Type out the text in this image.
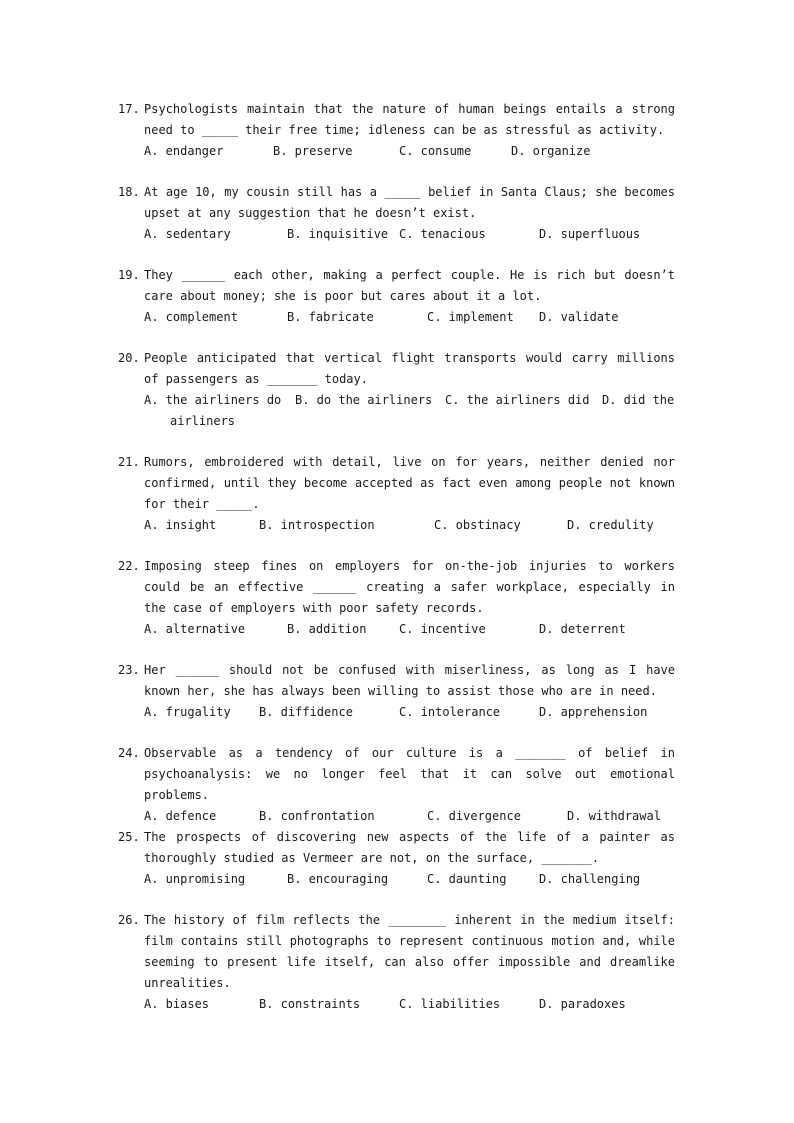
17. Psychologists maintain that the nature of human beings entails a strong need to _____ their free time; idleness can be as stressful as activity.
A. endanger	B. preserve	C. consume	D. organize
18. At age 10, my cousin still has a _____ belief in Santa Claus; she becomes upset at any suggestion that he doesn’t exist.
A. sedentary	B. inquisitive C. tenacious	D. superfluous
19. They ______ each other, making a perfect couple. He is rich but doesn’t care about money; she is poor but cares about it a lot.
A. complement	B. fabricate	C. implement D. validate
20. People anticipated that vertical flight transports would carry millions of passengers as _______ today.
A. the airliners do B. do the airliners C. the airliners did D. did the
airliners
21. Rumors, embroidered with detail, live on for years, neither denied nor confirmed, until they become accepted as fact even among people not known for their _____.
A. insight	B. introspection	C. obstinacy	D. credulity
22. Imposing steep fines on employers for on-the-job injuries to workers could be an effective ______ creating a safer workplace, especially in the case of employers with poor safety records.
A. alternative	B. addition	C. incentive	D. deterrent
23. Her ______ should not be confused with miserliness, as long as I have known her, she has always been willing to assist those who are in need.
A. frugality B. diffidence	C. intolerance	D. apprehension
24. Observable as a tendency of our culture is a _______ of belief in psychoanalysis: we no longer feel that it can solve out emotional problems.
A. defence	B. confrontation	C. divergence	D. withdrawal
25. The prospects of discovering new aspects of the life of a painter as thoroughly studied as Vermeer are not, on the surface, _______.
A. unpromising	B. encouraging	C. daunting	D. challenging
26. The history of film reflects the ________ inherent in the medium itself: film contains still photographs to represent continuous motion and, while seeming to present life itself, can also offer impossible and dreamlike unrealities.
A. biases	B. constraints	C. liabilities	D. paradoxes
